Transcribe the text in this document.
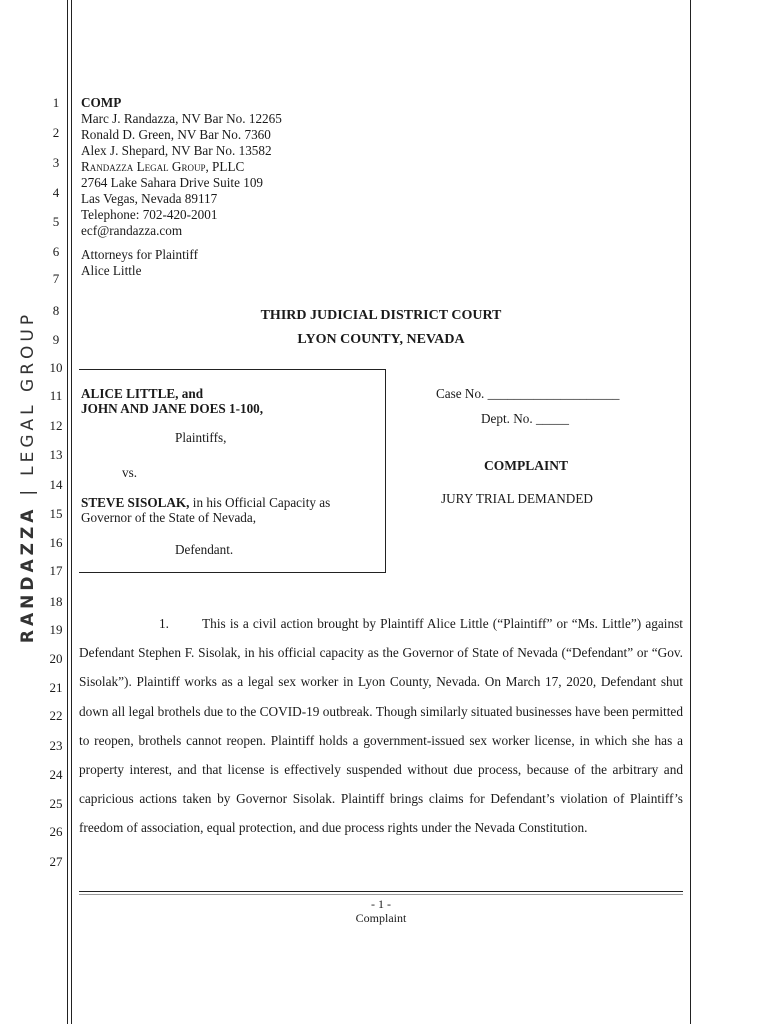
RANDAZZA
|
LEGAL GROUP
1
2
3
4
5
6
7
8
9
10
11
12
13
14
15
16
17
18
19
20
21
22
23
24
25
26
27
COMP
Marc J. Randazza, NV Bar No. 12265
Ronald D. Green, NV Bar No. 7360
Alex J. Shepard, NV Bar No. 13582
Randazza Legal Group, PLLC
2764 Lake Sahara Drive Suite 109
Las Vegas, Nevada 89117
Telephone: 702-420-2001
ecf@randazza.com
Attorneys for Plaintiff
Alice Little
THIRD JUDICIAL DISTRICT COURT
LYON COUNTY, NEVADA
ALICE LITTLE, and
JOHN AND JANE DOES 1-100,
Plaintiffs,
vs.
STEVE SISOLAK, in his Official Capacity as
Governor of the State of Nevada,
Defendant.
Case No. ____________________
Dept. No. _____
COMPLAINT
JURY TRIAL DEMANDED
1.        This is a civil action brought by Plaintiff Alice Little (“Plaintiff” or “Ms. Little”) against Defendant Stephen F. Sisolak, in his official capacity as the Governor of State of Nevada (“Defendant” or “Gov. Sisolak”). Plaintiff works as a legal sex worker in Lyon County, Nevada. On March 17, 2020, Defendant shut down all legal brothels due to the COVID-19 outbreak. Though similarly situated businesses have been permitted to reopen, brothels cannot reopen. Plaintiff holds a government-issued sex worker license, in which she has a property interest, and that license is effectively suspended without due process, because of the arbitrary and capricious actions taken by Governor Sisolak. Plaintiff brings claims for Defendant’s violation of Plaintiff’s freedom of association, equal protection, and due process rights under the Nevada Constitution.
- 1 -
Complaint
